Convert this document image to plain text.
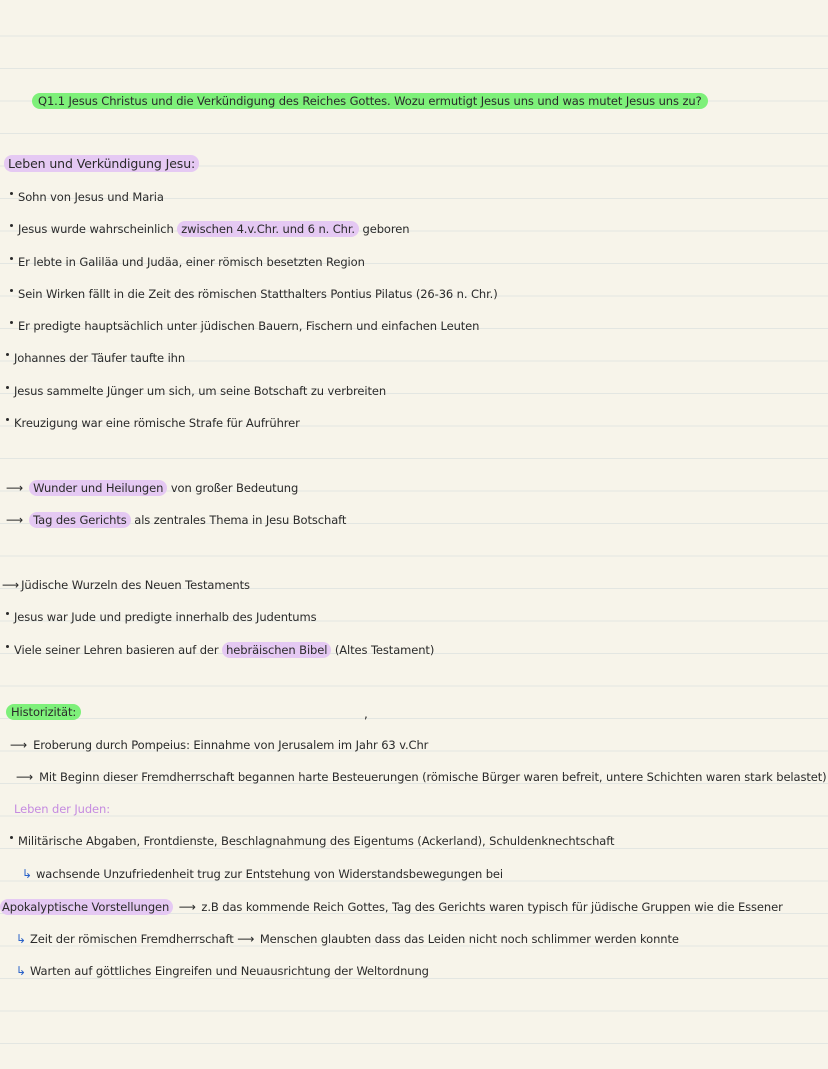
Q1.1 Jesus Christus und die Verkündigung des Reiches Gottes. Wozu ermutigt Jesus uns und was mutet Jesus uns zu?
Leben und Verkündigung Jesu:
Sohn von Jesus und Maria
Jesus wurde wahrscheinlich zwischen 4.v.Chr. und 6 n. Chr. geboren
Er lebte in Galiläa und Judäa, einer römisch besetzten Region
Sein Wirken fällt in die Zeit des römischen Statthalters Pontius Pilatus (26-36 n. Chr.)
Er predigte hauptsächlich unter jüdischen Bauern, Fischern und einfachen Leuten
Johannes der Täufer taufte ihn
Jesus sammelte Jünger um sich, um seine Botschaft zu verbreiten
Kreuzigung war eine römische Strafe für Aufrührer
⟶ Wunder und Heilungen von großer Bedeutung
⟶ Tag des Gerichts als zentrales Thema in Jesu Botschaft
⟶ Jüdische Wurzeln des Neuen Testaments
Jesus war Jude und predigte innerhalb des Judentums
Viele seiner Lehren basieren auf der hebräischen Bibel (Altes Testament)
Historizität:	,
⟶ Eroberung durch Pompeius: Einnahme von Jerusalem im Jahr 63 v.Chr
⟶ Mit Beginn dieser Fremdherrschaft begannen harte Besteuerungen (römische Bürger waren befreit, untere Schichten waren stark belastet)
Leben der Juden:
Militärische Abgaben, Frontdienste, Beschlagnahmung des Eigentums (Ackerland), Schuldenknechtschaft
↳ wachsende Unzufriedenheit trug zur Entstehung von Widerstandsbewegungen bei
Apokalyptische Vorstellungen ⟶ z.B das kommende Reich Gottes, Tag des Gerichts waren typisch für jüdische Gruppen wie die Essener
↳ Zeit der römischen Fremdherrschaft ⟶ Menschen glaubten dass das Leiden nicht noch schlimmer werden konnte
↳ Warten auf göttliches Eingreifen und Neuausrichtung der Weltordnung
